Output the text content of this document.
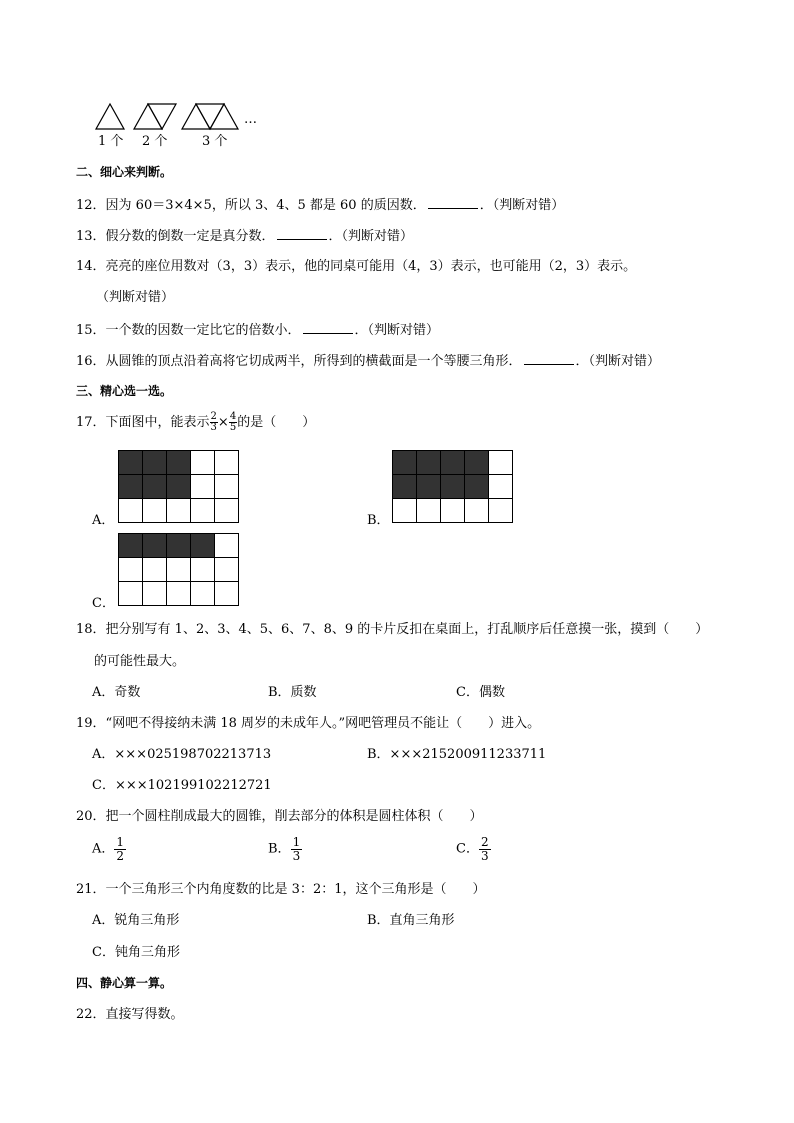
…
1 个 2 个	3 个
二、细心来判断。
12．因为 60＝3×4×5，所以 3、4、5 都是 60 的质因数．	．（判断对错）
13．假分数的倒数一定是真分数．	．（判断对错）
14．亮亮的座位用数对（3，3）表示，他的同桌可能用（4，3）表示，也可能用（2，3）表示。
（判断对错）
15．一个数的因数一定比它的倍数小．	．（判断对错）
16．从圆锥的顶点沿着高将它切成两半，所得到的横截面是一个等腰三角形．	．（判断对错）
三、精心选一选。
17．下面图中，能表示 $\frac{2}{3} \times \frac{4}{5}$ 的是（　　）
A．

					B．

C．

18．把分别写有 1、2、3、4、5、6、7、8、9 的卡片反扣在桌面上，打乱顺序后任意摸一张，摸到（　　）
的可能性最大。
A．奇数	B．质数	C．偶数
19．“网吧不得接纳未满 18 周岁的未成年人。”网吧管理员不能让（　　）进入。
A．×××025198702213713	B．×××215200911233711
C．×××102199102212721
20．把一个圆柱削成最大的圆锥，削去部分的体积是圆柱体积（　　）
A． $\frac{1}{2}$	B． $\frac{1}{3}$	C． $\frac{2}{3}$
21．一个三角形三个内角度数的比是 3：2：1，这个三角形是（　　）
A．锐角三角形	B．直角三角形
C．钝角三角形
四、静心算一算。
22．直接写得数。
